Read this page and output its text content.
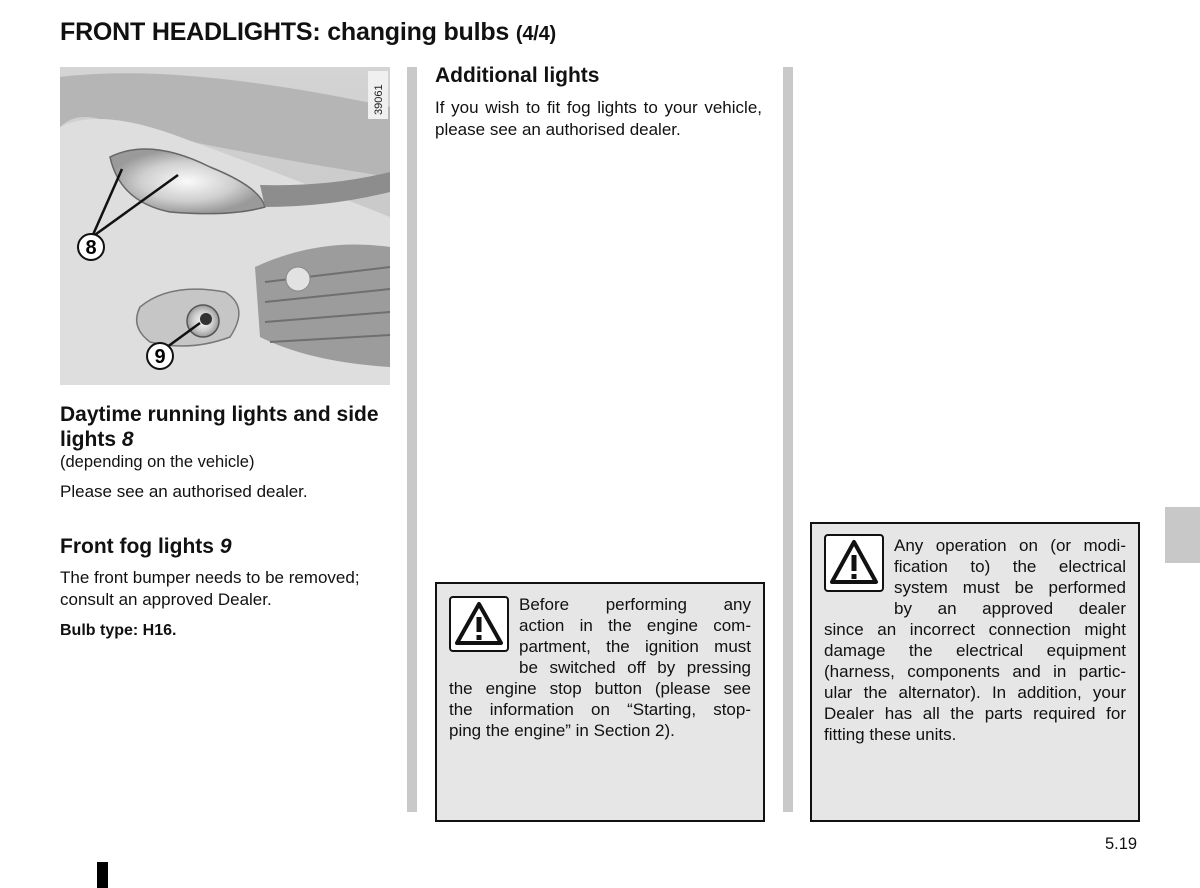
FRONT HEADLIGHTS: changing bulbs (4/4)
39061
8
9
Daytime running lights and side lights 8
(depending on the vehicle)
Please see an authorised dealer.
Front fog lights 9
The front bumper needs to be removed; consult an approved Dealer.
Bulb type: H16.
Additional lights
If you wish to fit fog lights to your vehicle, please see an authorised dealer.
Before performing any
action in the engine com-
partment, the ignition must
be switched off by pressing
the engine stop button (please see
the information on “Starting, stop-
ping the engine” in Section 2).
Any operation on (or modi-
fication to) the electrical
system must be performed
by an approved dealer
since an incorrect connection might
damage the electrical equipment
(harness, components and in partic-
ular the alternator). In addition, your
Dealer has all the parts required for
fitting these units.
5.19
